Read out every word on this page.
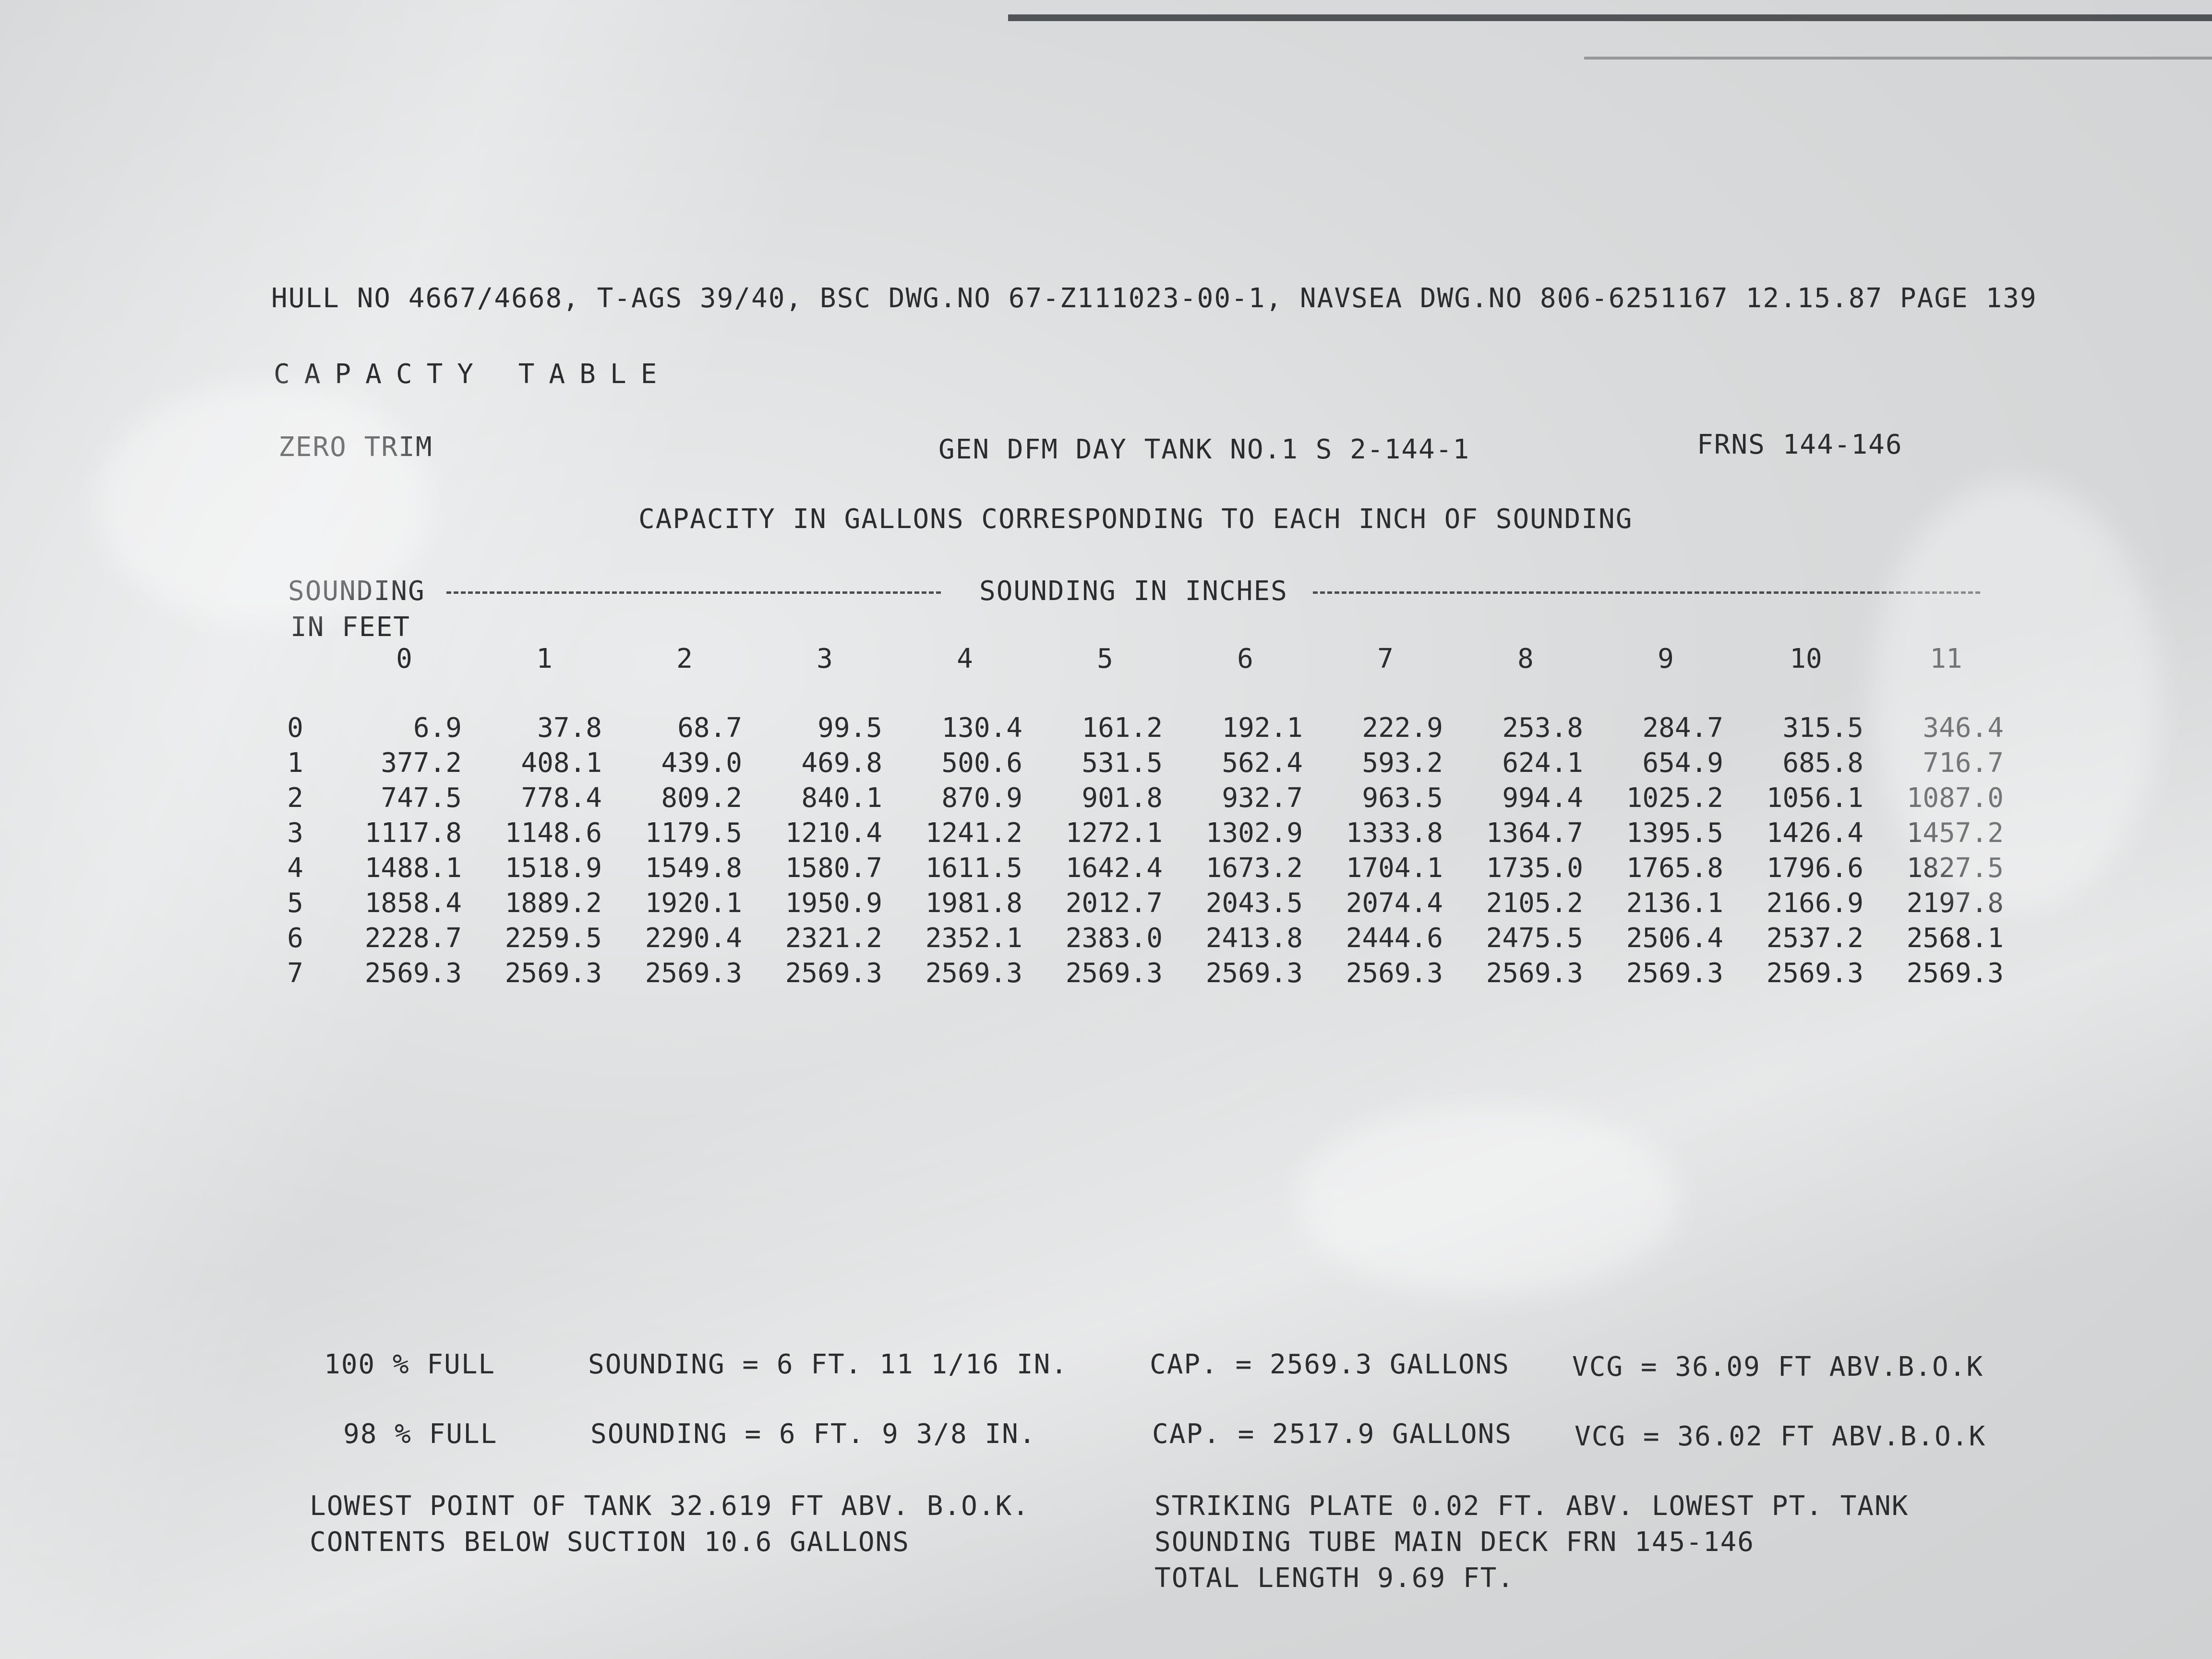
HULL NO 4667/4668, T-AGS 39/40, BSC DWG.NO 67-Z111023-00-1, NAVSEA DWG.NO 806-6251167 12.15.87 PAGE 139
CAPACTY TABLE
ZERO TRIM	GEN DFM DAY TANK NO.1 S 2-144-1	FRNS 144-146
CAPACITY IN GALLONS CORRESPONDING TO EACH INCH OF SOUNDING
SOUNDING
IN FEET
SOUNDING IN INCHES
0	1	2	3	4	5	6	7	8	9	10	11
0	6.9	37.8	68.7	99.5	130.4	161.2	192.1	222.9	253.8	284.7	315.5	346.4
1	377.2	408.1	439.0	469.8	500.6	531.5	562.4	593.2	624.1	654.9	685.8	716.7
2	747.5	778.4	809.2	840.1	870.9	901.8	932.7	963.5	994.4	1025.2	1056.1	1087.0
3	1117.8	1148.6	1179.5	1210.4	1241.2	1272.1	1302.9	1333.8	1364.7	1395.5	1426.4	1457.2
4	1488.1	1518.9	1549.8	1580.7	1611.5	1642.4	1673.2	1704.1	1735.0	1765.8	1796.6	1827.5
5	1858.4	1889.2	1920.1	1950.9	1981.8	2012.7	2043.5	2074.4	2105.2	2136.1	2166.9	2197.8
6	2228.7	2259.5	2290.4	2321.2	2352.1	2383.0	2413.8	2444.6	2475.5	2506.4	2537.2	2568.1
7	2569.3	2569.3	2569.3	2569.3	2569.3	2569.3	2569.3	2569.3	2569.3	2569.3	2569.3	2569.3
100 % FULL	SOUNDING = 6 FT. 11 1/16 IN.	CAP. = 2569.3 GALLONS VCG = 36.09 FT ABV.B.O.K
98 % FULL	SOUNDING = 6 FT. 9 3/8 IN.	CAP. = 2517.9 GALLONS VCG = 36.02 FT ABV.B.O.K
LOWEST POINT OF TANK 32.619 FT ABV. B.O.K.
CONTENTS BELOW SUCTION 10.6 GALLONS
STRIKING PLATE 0.02 FT. ABV. LOWEST PT. TANK
SOUNDING TUBE MAIN DECK FRN 145-146
TOTAL LENGTH 9.69 FT.
